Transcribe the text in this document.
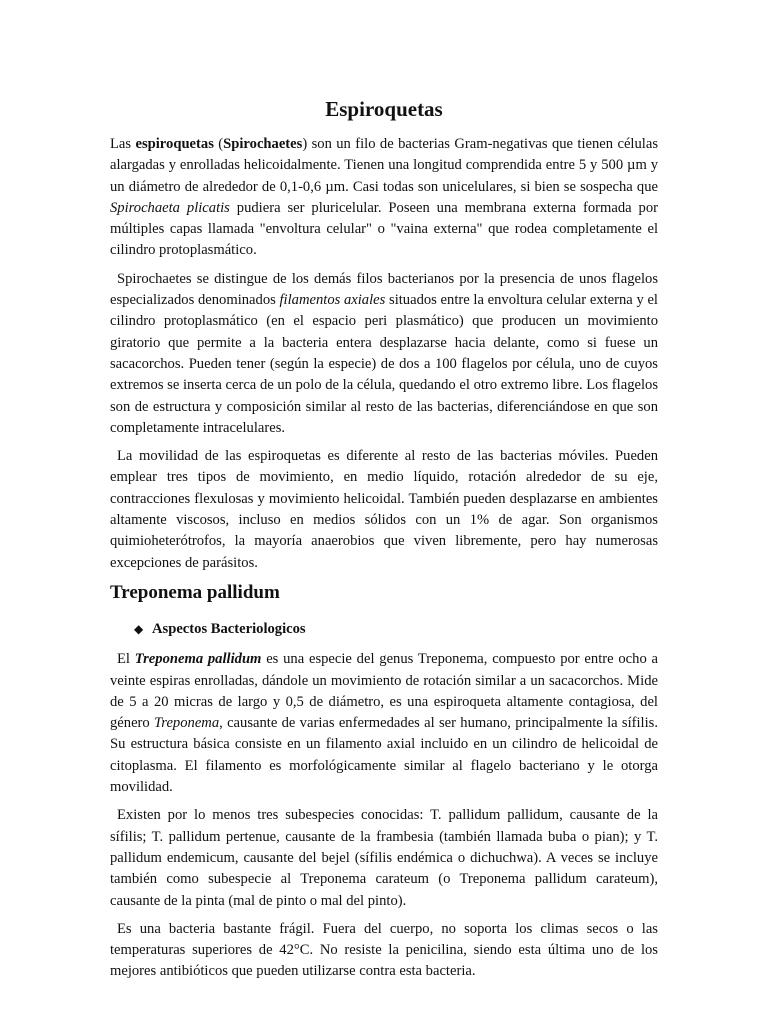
Espiroquetas

Las espiroquetas (Spirochaetes) son un filo de bacterias Gram-negativas que tienen células alargadas y enrolladas helicoidalmente. Tienen una longitud comprendida entre 5 y 500 µm y un diámetro de alrededor de 0,1-0,6 µm. Casi todas son unicelulares, si bien se sospecha que Spirochaeta plicatis pudiera ser pluricelular. Poseen una membrana externa formada por múltiples capas llamada "envoltura celular" o "vaina externa" que rodea completamente el cilindro protoplasmático.

Spirochaetes se distingue de los demás filos bacterianos por la presencia de unos flagelos especializados denominados filamentos axiales situados entre la envoltura celular externa y el cilindro protoplasmático (en el espacio peri plasmático) que producen un movimiento giratorio que permite a la bacteria entera desplazarse hacia delante, como si fuese un sacacorchos. Pueden tener (según la especie) de dos a 100 flagelos por célula, uno de cuyos extremos se inserta cerca de un polo de la célula, quedando el otro extremo libre. Los flagelos son de estructura y composición similar al resto de las bacterias, diferenciándose en que son completamente intracelulares.

La movilidad de las espiroquetas es diferente al resto de las bacterias móviles. Pueden emplear tres tipos de movimiento, en medio líquido, rotación alrededor de su eje, contracciones flexulosas y movimiento helicoidal. También pueden desplazarse en ambientes altamente viscosos, incluso en medios sólidos con un 1% de agar. Son organismos quimioheterótrofos, la mayoría anaerobios que viven libremente, pero hay numerosas excepciones de parásitos.

Treponema pallidum
◆ Aspectos Bacteriologicos

El Treponema pallidum es una especie del genus Treponema, compuesto por entre ocho a veinte espiras enrolladas, dándole un movimiento de rotación similar a un sacacorchos. Mide de 5 a 20 micras de largo y 0,5 de diámetro, es una espiroqueta altamente contagiosa, del género Treponema, causante de varias enfermedades al ser humano, principalmente la sífilis. Su estructura básica consiste en un filamento axial incluido en un cilindro de helicoidal de citoplasma. El filamento es morfológicamente similar al flagelo bacteriano y le otorga movilidad.

Existen por lo menos tres subespecies conocidas: T. pallidum pallidum, causante de la sífilis; T. pallidum pertenue, causante de la frambesia (también llamada buba o pian); y T. pallidum endemicum, causante del bejel (sífilis endémica o dichuchwa). A veces se incluye también como subespecie al Treponema carateum (o Treponema pallidum carateum), causante de la pinta (mal de pinto o mal del pinto).

Es una bacteria bastante frágil. Fuera del cuerpo, no soporta los climas secos o las temperaturas superiores de 42°C. No resiste la penicilina, siendo esta última uno de los mejores antibióticos que pueden utilizarse contra esta bacteria.
